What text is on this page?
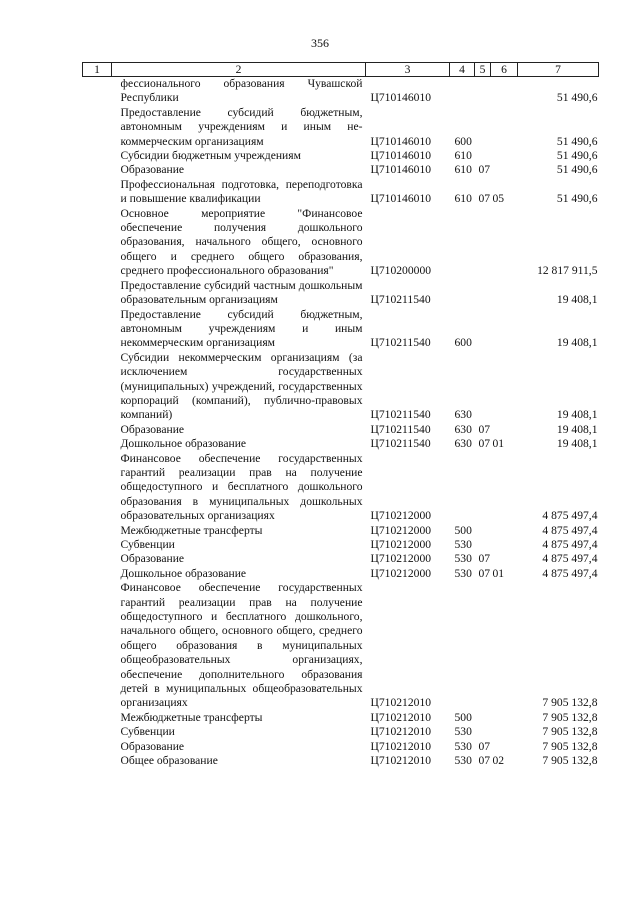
356
1	2	3	4	5	6	7

	фессионального образования Чувашской
Республики	Ц710146010				51 490,6

	Предоставление субсидий бюджетным,
автономным учреждениям и иным не-
коммерческим организациям	Ц710146010	600			51 490,6

	Субсидии бюджетным учреждениям	Ц710146010	610			51 490,6

	Образование	Ц710146010	610	07		51 490,6

	Профессиональная подготовка, переподготовка и повышение квалификации	Ц710146010	610	07	05	51 490,6

	Основное мероприятие "Финансовое обеспечение получения дошкольного образования, начального общего, основного общего и среднего общего образования, среднего профессионального образования"	Ц710200000				12 817 911,5

	Предоставление субсидий частным дошкольным образовательным организациям	Ц710211540				19 408,1

	Предоставление субсидий бюджетным, автономным учреждениям и иным некоммерческим организациям	Ц710211540	600			19 408,1

	Субсидии некоммерческим организациям (за исключением государственных (муниципальных) учреждений, государственных корпораций (компаний), публично-правовых компаний)	Ц710211540	630			19 408,1

	Образование	Ц710211540	630	07		19 408,1

	Дошкольное образование	Ц710211540	630	07	01	19 408,1

	Финансовое обеспечение государственных гарантий реализации прав на получение общедоступного и бесплатного дошкольного образования в муниципальных дошкольных образовательных организациях	Ц710212000				4 875 497,4

	Межбюджетные трансферты	Ц710212000	500			4 875 497,4

	Субвенции	Ц710212000	530			4 875 497,4

	Образование	Ц710212000	530	07		4 875 497,4

	Дошкольное образование	Ц710212000	530	07	01	4 875 497,4

	Финансовое обеспечение государственных гарантий реализации прав на получение общедоступного и бесплатного дошкольного, начального общего, основного общего, среднего общего образования в муниципальных общеобразовательных организациях, обеспечение дополнительного образования детей в муниципальных общеобразовательных организациях	Ц710212010				7 905 132,8

	Межбюджетные трансферты	Ц710212010	500			7 905 132,8

	Субвенции	Ц710212010	530			7 905 132,8

	Образование	Ц710212010	530	07		7 905 132,8

	Общее образование	Ц710212010	530	07	02	7 905 132,8
